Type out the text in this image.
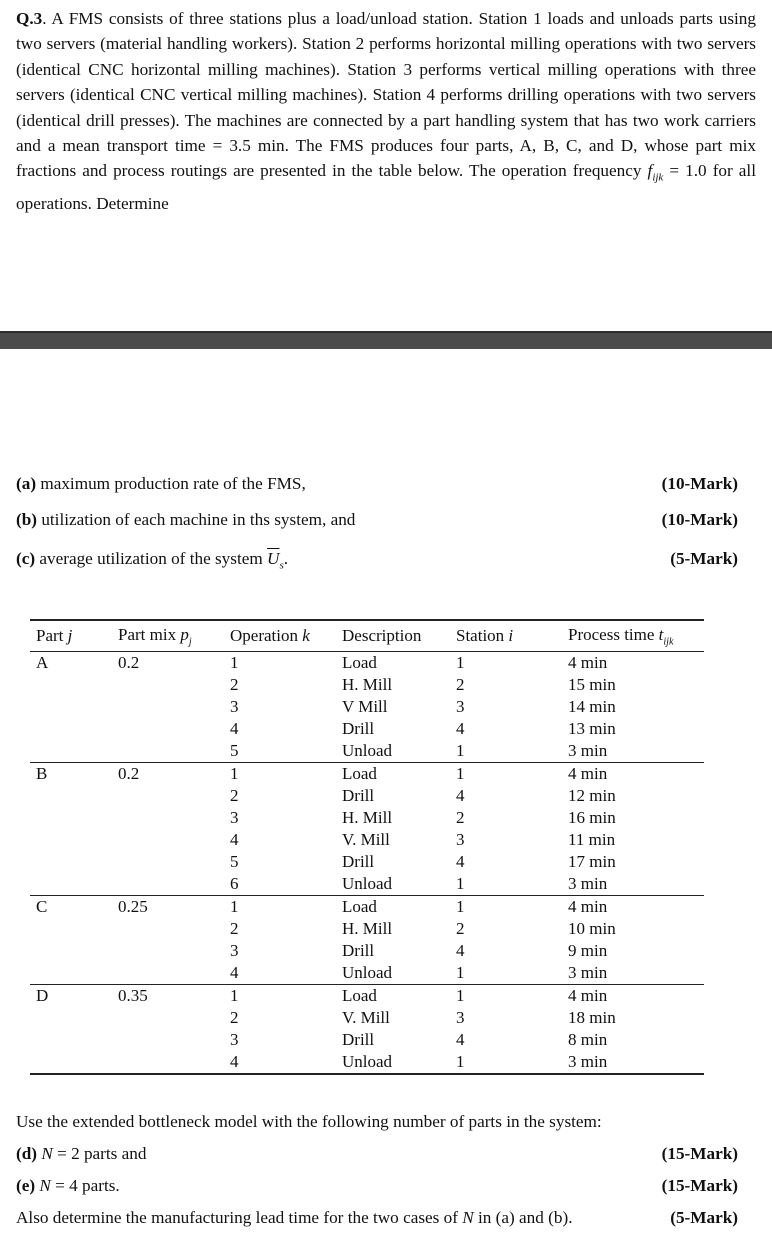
Q.3. A FMS consists of three stations plus a load/unload station. Station 1 loads and unloads parts using two servers (material handling workers). Station 2 performs horizontal milling operations with two servers (identical CNC horizontal milling machines). Station 3 performs vertical milling operations with three servers (identical CNC vertical milling machines). Station 4 performs drilling operations with two servers (identical drill presses). The machines are connected by a part handling system that has two work carriers and a mean transport time = 3.5 min. The FMS produces four parts, A, B, C, and D, whose part mix fractions and process routings are presented in the table below. The operation frequency $f_{ijk} = 1.0$ for all operations. Determine
(a) maximum production rate of the FMS,	(10-Mark)
(b) utilization of each machine in ths system, and	(10-Mark)
(c) average utilization of the system $\overline{U}_s$.	(5-Mark)
Part j	Part mix $p_j$	Operation k	Description	Station i	Process time $t_{ijk}$
A	0.2	1	Load	1	4 min
		2	H. Mill	2	15 min
		3	V Mill	3	14 min
		4	Drill	4	13 min
		5	Unload	1	3 min
B	0.2	1	Load	1	4 min
		2	Drill	4	12 min
		3	H. Mill	2	16 min
		4	V. Mill	3	11 min
		5	Drill	4	17 min
		6	Unload	1	3 min
C	0.25	1	Load	1	4 min
		2	H. Mill	2	10 min
		3	Drill	4	9 min
		4	Unload	1	3 min
D	0.35	1	Load	1	4 min
		2	V. Mill	3	18 min
		3	Drill	4	8 min
		4	Unload	1	3 min
Use the extended bottleneck model with the following number of parts in the system:
(d) N = 2 parts and	(15-Mark)
(e) N = 4 parts.	(15-Mark)
Also determine the manufacturing lead time for the two cases of N in (a) and (b).	(5-Mark)
